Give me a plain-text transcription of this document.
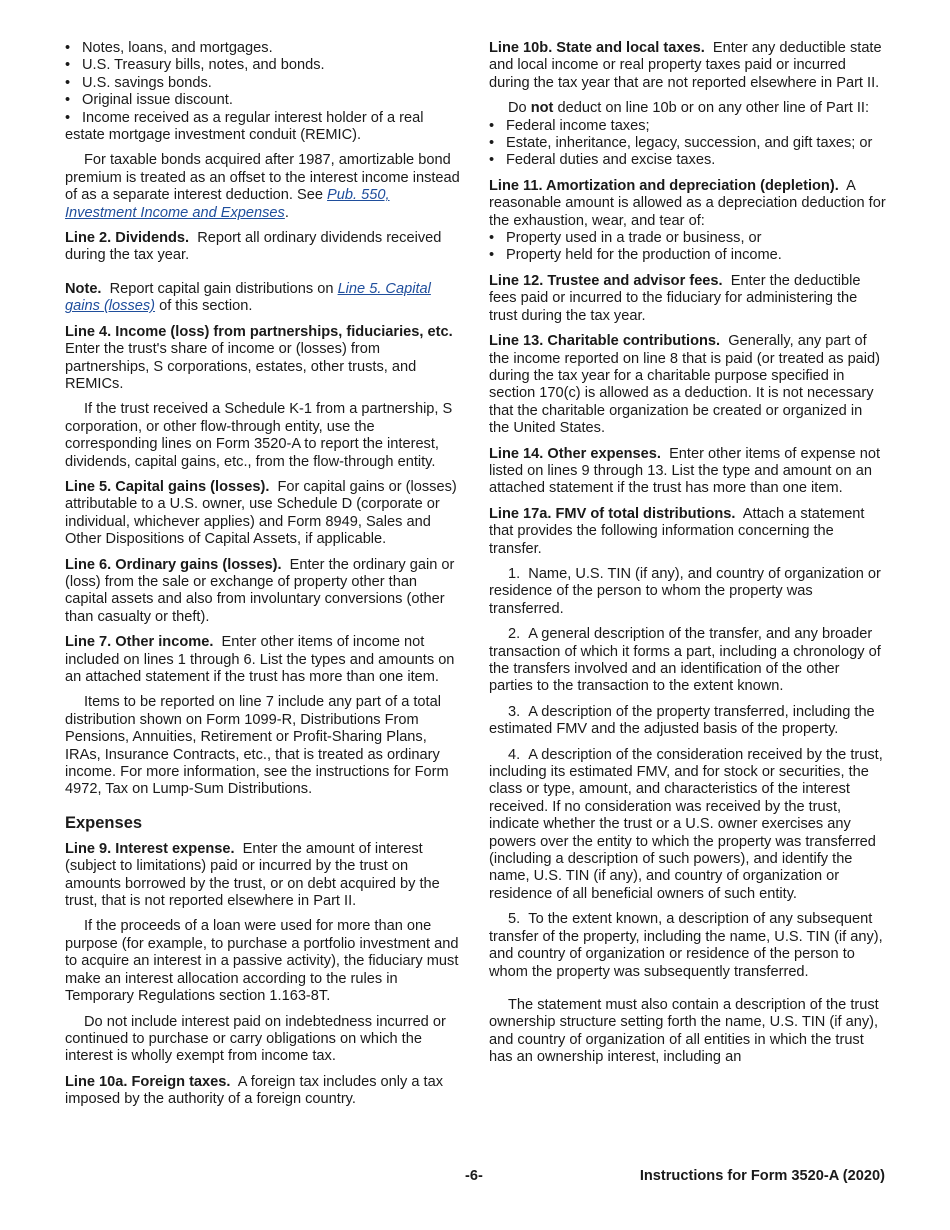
• Notes, loans, and mortgages.

• U.S. Treasury bills, notes, and bonds.

• U.S. savings bonds.

• Original issue discount.

• Income received as a regular interest holder of a real estate mortgage investment conduit (REMIC).

For taxable bonds acquired after 1987, amortizable bond premium is treated as an offset to the interest income instead of as a separate interest deduction. See Pub. 550, Investment Income and Expenses.

Line 2. Dividends. Report all ordinary dividends received during the tax year.

Note. Report capital gain distributions on Line 5. Capital gains (losses) of this section.

Line 4. Income (loss) from partnerships, fiduciaries, etc.  Enter the trust's share of income or (losses) from partnerships, S corporations, estates, other trusts, and REMICs.

If the trust received a Schedule K-1 from a partnership, S corporation, or other flow-through entity, use the corresponding lines on Form 3520-A to report the interest, dividends, capital gains, etc., from the flow-through entity.

Line 5. Capital gains (losses). For capital gains or (losses) attributable to a U.S. owner, use Schedule D (corporate or individual, whichever applies) and Form 8949, Sales and Other Dispositions of Capital Assets, if applicable.

Line 6. Ordinary gains (losses). Enter the ordinary gain or (loss) from the sale or exchange of property other than capital assets and also from involuntary conversions (other than casualty or theft).

Line 7. Other income. Enter other items of income not included on lines 1 through 6. List the types and amounts on an attached statement if the trust has more than one item.

Items to be reported on line 7 include any part of a total distribution shown on Form 1099-R, Distributions From Pensions, Annuities, Retirement or Profit-Sharing Plans, IRAs, Insurance Contracts, etc., that is treated as ordinary income. For more information, see the instructions for Form 4972, Tax on Lump-Sum Distributions.

Expenses

Line 9. Interest expense. Enter the amount of interest (subject to limitations) paid or incurred by the trust on amounts borrowed by the trust, or on debt acquired by the trust, that is not reported elsewhere in Part II.

If the proceeds of a loan were used for more than one purpose (for example, to purchase a portfolio investment and to acquire an interest in a passive activity), the fiduciary must make an interest allocation according to the rules in Temporary Regulations section 1.163-8T.

Do not include interest paid on indebtedness incurred or continued to purchase or carry obligations on which the interest is wholly exempt from income tax.

Line 10a. Foreign taxes. A foreign tax includes only a tax imposed by the authority of a foreign country.

Line 10b. State and local taxes. Enter any deductible state and local income or real property taxes paid or incurred during the tax year that are not reported elsewhere in Part II.

Do not deduct on line 10b or on any other line of Part II:

• Federal income taxes;

• Estate, inheritance, legacy, succession, and gift taxes; or

• Federal duties and excise taxes.

Line 11. Amortization and depreciation (depletion). A reasonable amount is allowed as a depreciation deduction for the exhaustion, wear, and tear of:

• Property used in a trade or business, or

• Property held for the production of income.

Line 12. Trustee and advisor fees. Enter the deductible fees paid or incurred to the fiduciary for administering the trust during the tax year.

Line 13. Charitable contributions. Generally, any part of the income reported on line 8 that is paid (or treated as paid) during the tax year for a charitable purpose specified in section 170(c) is allowed as a deduction. It is not necessary that the charitable organization be created or organized in the United States.

Line 14. Other expenses. Enter other items of expense not listed on lines 9 through 13. List the type and amount on an attached statement if the trust has more than one item.

Line 17a. FMV of total distributions. Attach a statement that provides the following information concerning the transfer.

1.  Name, U.S. TIN (if any), and country of organization or residence of the person to whom the property was transferred.

2.  A general description of the transfer, and any broader transaction of which it forms a part, including a chronology of the transfers involved and an identification of the other parties to the transaction to the extent known.

3.  A description of the property transferred, including the estimated FMV and the adjusted basis of the property.

4.  A description of the consideration received by the trust, including its estimated FMV, and for stock or securities, the class or type, amount, and characteristics of the interest received. If no consideration was received by the trust, indicate whether the trust or a U.S. owner exercises any powers over the entity to which the property was transferred (including a description of such powers), and identify the name, U.S. TIN (if any), and country of organization or residence of all beneficial owners of such entity.

5.  To the extent known, a description of any subsequent transfer of the property, including the name, U.S. TIN (if any), and country of organization or residence of the person to whom the property was subsequently transferred.

The statement must also contain a description of the trust ownership structure setting forth the name, U.S. TIN (if any), and country of organization of all entities in which the trust has an ownership interest, including an

-6-	Instructions for Form 3520-A (2020)
